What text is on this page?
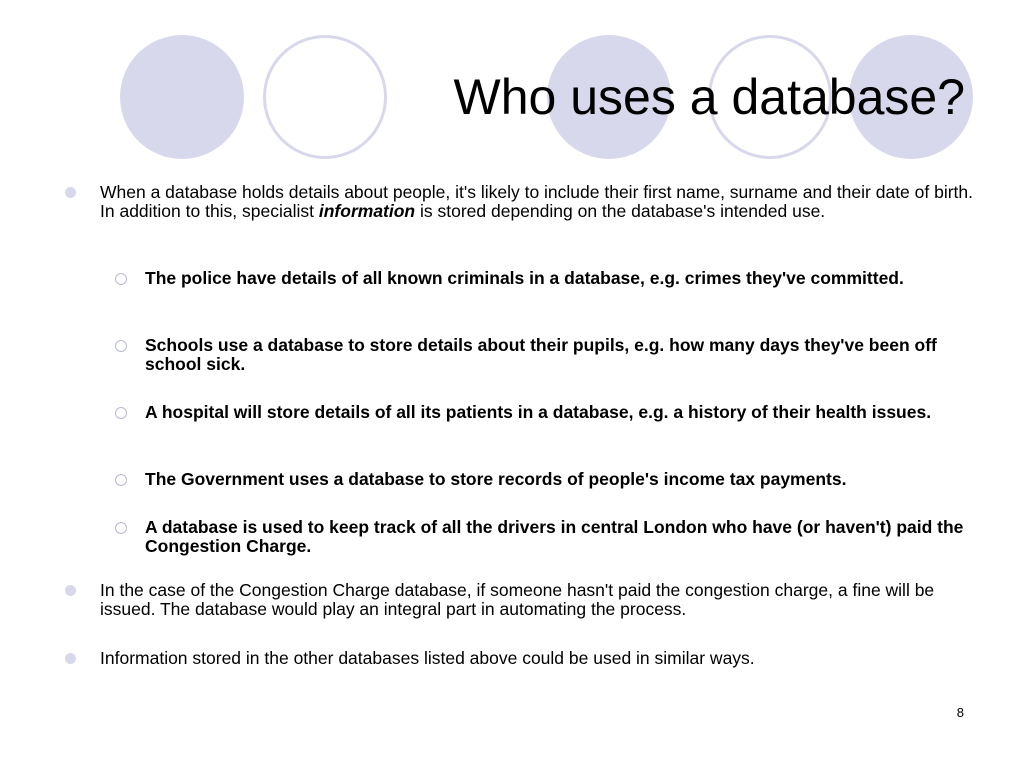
Who uses a database?
When a database holds details about people, it's likely to include their first name, surname and their date of birth. In addition to this, specialist information is stored depending on the database's intended use.
The police have details of all known criminals in a database, e.g. crimes they've committed.
Schools use a database to store details about their pupils, e.g. how many days they've been off school sick.
A hospital will store details of all its patients in a database, e.g. a history of their health issues.
The Government uses a database to store records of people's income tax payments.
A database is used to keep track of all the drivers in central London who have (or haven't) paid the Congestion Charge.
In the case of the Congestion Charge database, if someone hasn't paid the congestion charge, a fine will be issued. The database would play an integral part in automating the process.
Information stored in the other databases listed above could be used in similar ways.
8
